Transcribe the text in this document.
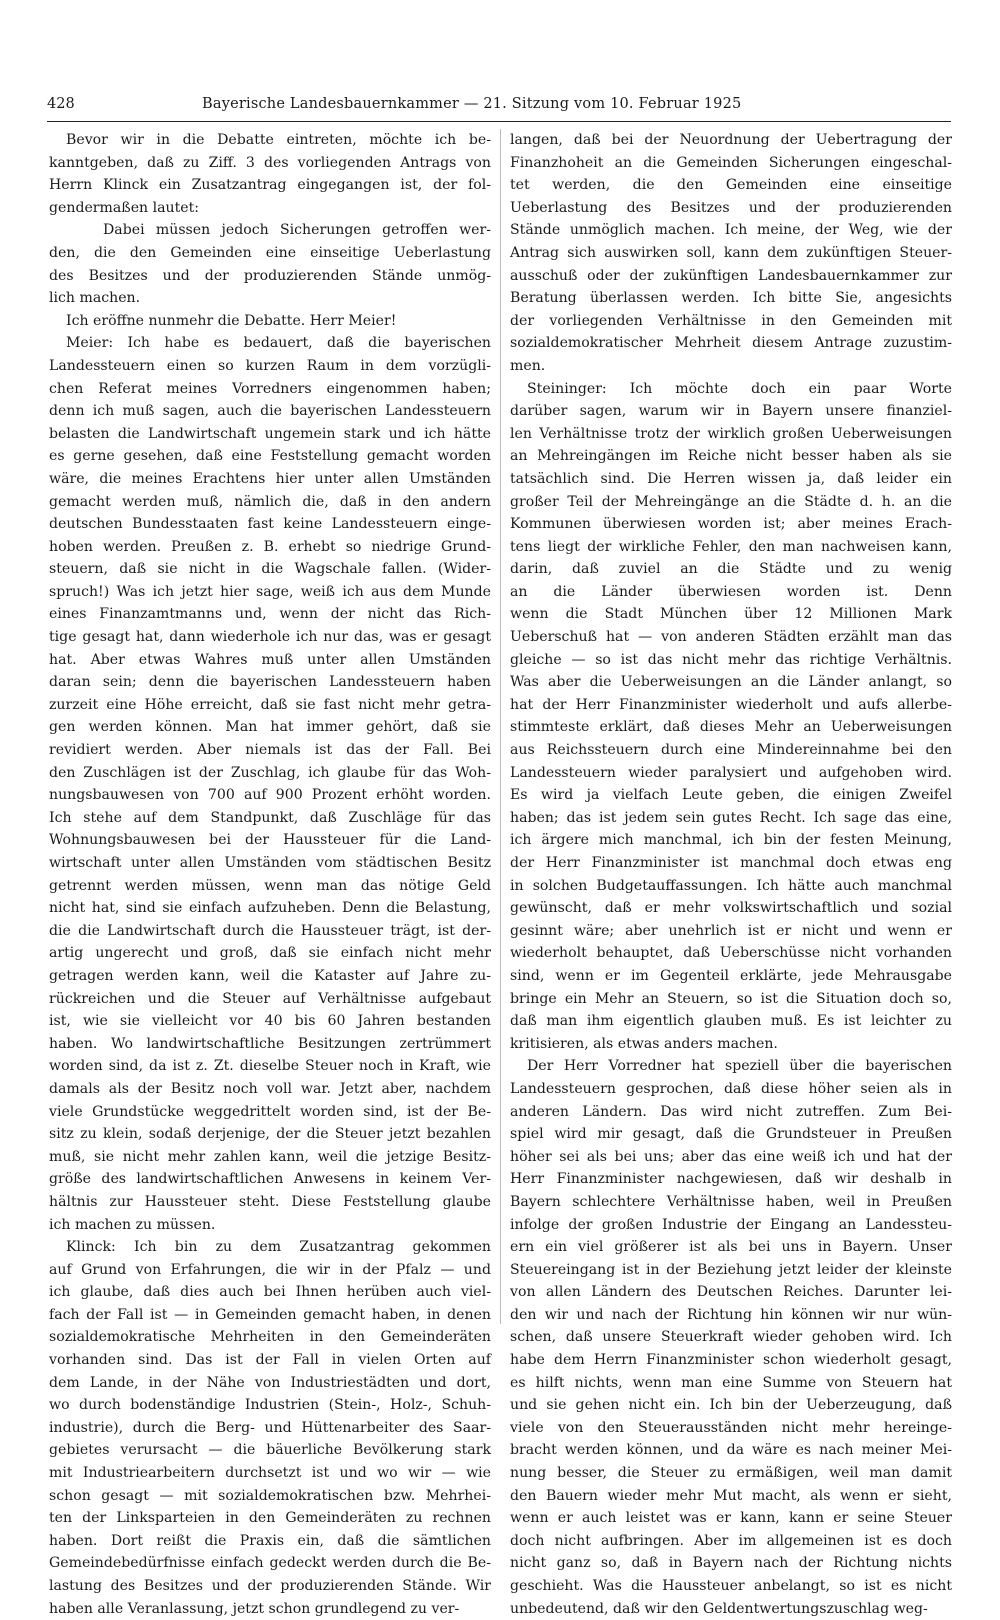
428	Bayerische Landesbauernkammer — 21. Sitzung vom 10. Februar 1925
Bevor wir in die Debatte eintreten, möchte ich be-
kanntgeben, daß zu Ziff. 3 des vorliegenden Antrags von
Herrn Klinck ein Zusatzantrag eingegangen ist, der fol-
gendermaßen lautet:
Dabei müssen jedoch Sicherungen getroffen wer-
den, die den Gemeinden eine einseitige Ueberlastung
des Besitzes und der produzierenden Stände unmög-
lich machen.
Ich eröffne nunmehr die Debatte. Herr Meier!
Meier: Ich habe es bedauert, daß die bayerischen
Landessteuern einen so kurzen Raum in dem vorzügli-
chen Referat meines Vorredners eingenommen haben;
denn ich muß sagen, auch die bayerischen Landessteuern
belasten die Landwirtschaft ungemein stark und ich hätte
es gerne gesehen, daß eine Feststellung gemacht worden
wäre, die meines Erachtens hier unter allen Umständen
gemacht werden muß, nämlich die, daß in den andern
deutschen Bundesstaaten fast keine Landessteuern einge-
hoben werden. Preußen z. B. erhebt so niedrige Grund-
steuern, daß sie nicht in die Wagschale fallen. (Wider-
spruch!) Was ich jetzt hier sage, weiß ich aus dem Munde
eines Finanzamtmanns und, wenn der nicht das Rich-
tige gesagt hat, dann wiederhole ich nur das, was er gesagt
hat. Aber etwas Wahres muß unter allen Umständen
daran sein; denn die bayerischen Landessteuern haben
zurzeit eine Höhe erreicht, daß sie fast nicht mehr getra-
gen werden können. Man hat immer gehört, daß sie
revidiert werden. Aber niemals ist das der Fall. Bei
den Zuschlägen ist der Zuschlag, ich glaube für das Woh-
nungsbauwesen von 700 auf 900 Prozent erhöht worden.
Ich stehe auf dem Standpunkt, daß Zuschläge für das
Wohnungsbauwesen bei der Haussteuer für die Land-
wirtschaft unter allen Umständen vom städtischen Besitz
getrennt werden müssen, wenn man das nötige Geld
nicht hat, sind sie einfach aufzuheben. Denn die Belastung,
die die Landwirtschaft durch die Haussteuer trägt, ist der-
artig ungerecht und groß, daß sie einfach nicht mehr
getragen werden kann, weil die Kataster auf Jahre zu-
rückreichen und die Steuer auf Verhältnisse aufgebaut
ist, wie sie vielleicht vor 40 bis 60 Jahren bestanden
haben. Wo landwirtschaftliche Besitzungen zertrümmert
worden sind, da ist z. Zt. dieselbe Steuer noch in Kraft, wie
damals als der Besitz noch voll war. Jetzt aber, nachdem
viele Grundstücke weggedrittelt worden sind, ist der Be-
sitz zu klein, sodaß derjenige, der die Steuer jetzt bezahlen
muß, sie nicht mehr zahlen kann, weil die jetzige Besitz-
größe des landwirtschaftlichen Anwesens in keinem Ver-
hältnis zur Haussteuer steht. Diese Feststellung glaube
ich machen zu müssen.
Klinck: Ich bin zu dem Zusatzantrag gekommen
auf Grund von Erfahrungen, die wir in der Pfalz — und
ich glaube, daß dies auch bei Ihnen herüben auch viel-
fach der Fall ist — in Gemeinden gemacht haben, in denen
sozialdemokratische Mehrheiten in den Gemeinderäten
vorhanden sind. Das ist der Fall in vielen Orten auf
dem Lande, in der Nähe von Industriestädten und dort,
wo durch bodenständige Industrien (Stein-, Holz-, Schuh-
industrie), durch die Berg- und Hüttenarbeiter des Saar-
gebietes verursacht — die bäuerliche Bevölkerung stark
mit Industriearbeitern durchsetzt ist und wo wir — wie
schon gesagt — mit sozialdemokratischen bzw. Mehrhei-
ten der Linksparteien in den Gemeinderäten zu rechnen
haben. Dort reißt die Praxis ein, daß die sämtlichen
Gemeindebedürfnisse einfach gedeckt werden durch die Be-
lastung des Besitzes und der produzierenden Stände. Wir
haben alle Veranlassung, jetzt schon grundlegend zu ver-
langen, daß bei der Neuordnung der Uebertragung der
Finanzhoheit an die Gemeinden Sicherungen eingeschal-
tet werden, die den Gemeinden eine einseitige
Ueberlastung des Besitzes und der produzierenden
Stände unmöglich machen. Ich meine, der Weg, wie der
Antrag sich auswirken soll, kann dem zukünftigen Steuer-
ausschuß oder der zukünftigen Landesbauernkammer zur
Beratung überlassen werden. Ich bitte Sie, angesichts
der vorliegenden Verhältnisse in den Gemeinden mit
sozialdemokratischer Mehrheit diesem Antrage zuzustim-
men.
Steininger: Ich möchte doch ein paar Worte
darüber sagen, warum wir in Bayern unsere finanziel-
len Verhältnisse trotz der wirklich großen Ueberweisungen
an Mehreingängen im Reiche nicht besser haben als sie
tatsächlich sind. Die Herren wissen ja, daß leider ein
großer Teil der Mehreingänge an die Städte d. h. an die
Kommunen überwiesen worden ist; aber meines Erach-
tens liegt der wirkliche Fehler, den man nachweisen kann,
darin, daß zuviel an die Städte und zu wenig
an die Länder überwiesen worden ist. Denn
wenn die Stadt München über 12 Millionen Mark
Ueberschuß hat — von anderen Städten erzählt man das
gleiche — so ist das nicht mehr das richtige Verhältnis.
Was aber die Ueberweisungen an die Länder anlangt, so
hat der Herr Finanzminister wiederholt und aufs allerbe-
stimmteste erklärt, daß dieses Mehr an Ueberweisungen
aus Reichssteuern durch eine Mindereinnahme bei den
Landessteuern wieder paralysiert und aufgehoben wird.
Es wird ja vielfach Leute geben, die einigen Zweifel
haben; das ist jedem sein gutes Recht. Ich sage das eine,
ich ärgere mich manchmal, ich bin der festen Meinung,
der Herr Finanzminister ist manchmal doch etwas eng
in solchen Budgetauffassungen. Ich hätte auch manchmal
gewünscht, daß er mehr volkswirtschaftlich und sozial
gesinnt wäre; aber unehrlich ist er nicht und wenn er
wiederholt behauptet, daß Ueberschüsse nicht vorhanden
sind, wenn er im Gegenteil erklärte, jede Mehrausgabe
bringe ein Mehr an Steuern, so ist die Situation doch so,
daß man ihm eigentlich glauben muß. Es ist leichter zu
kritisieren, als etwas anders machen.
Der Herr Vorredner hat speziell über die bayerischen
Landessteuern gesprochen, daß diese höher seien als in
anderen Ländern. Das wird nicht zutreffen. Zum Bei-
spiel wird mir gesagt, daß die Grundsteuer in Preußen
höher sei als bei uns; aber das eine weiß ich und hat der
Herr Finanzminister nachgewiesen, daß wir deshalb in
Bayern schlechtere Verhältnisse haben, weil in Preußen
infolge der großen Industrie der Eingang an Landessteu-
ern ein viel größerer ist als bei uns in Bayern. Unser
Steuereingang ist in der Beziehung jetzt leider der kleinste
von allen Ländern des Deutschen Reiches. Darunter lei-
den wir und nach der Richtung hin können wir nur wün-
schen, daß unsere Steuerkraft wieder gehoben wird. Ich
habe dem Herrn Finanzminister schon wiederholt gesagt,
es hilft nichts, wenn man eine Summe von Steuern hat
und sie gehen nicht ein. Ich bin der Ueberzeugung, daß
viele von den Steuerausständen nicht mehr hereinge-
bracht werden können, und da wäre es nach meiner Mei-
nung besser, die Steuer zu ermäßigen, weil man damit
den Bauern wieder mehr Mut macht, als wenn er sieht,
wenn er auch leistet was er kann, kann er seine Steuer
doch nicht aufbringen. Aber im allgemeinen ist es doch
nicht ganz so, daß in Bayern nach der Richtung nichts
geschieht. Was die Haussteuer anbelangt, so ist es nicht
unbedeutend, daß wir den Geldentwertungszuschlag weg-
